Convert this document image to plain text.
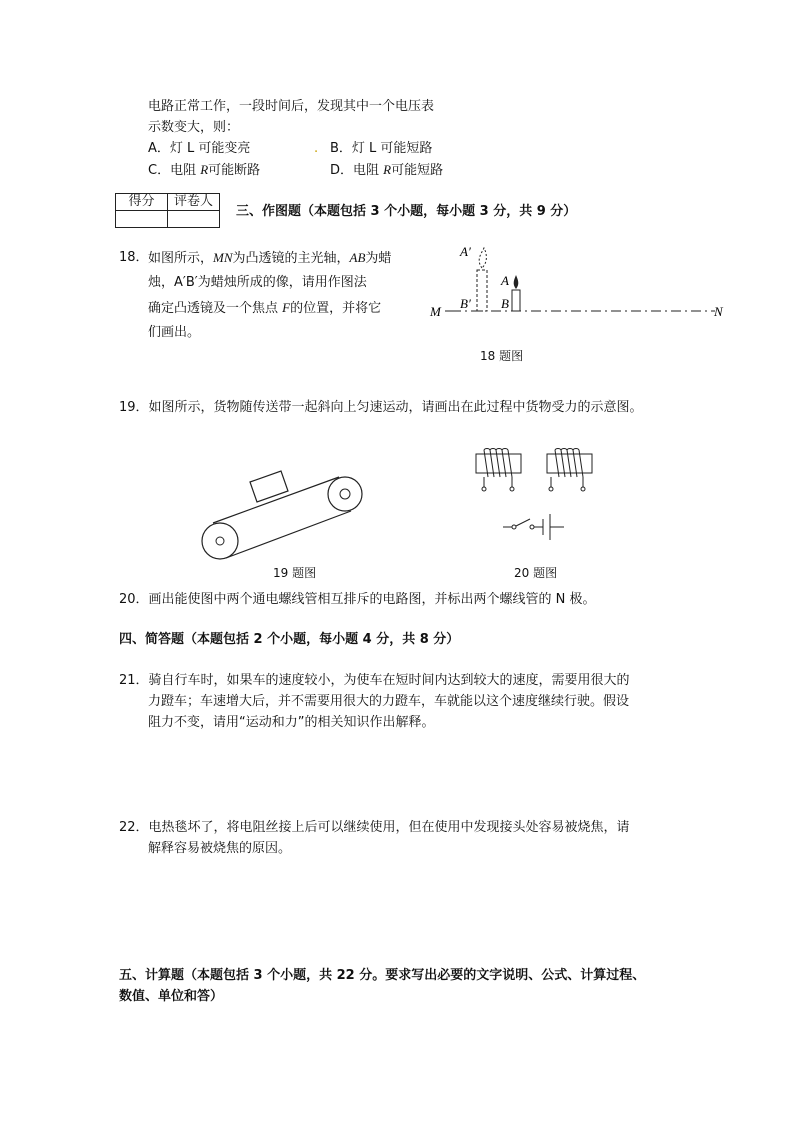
电路正常工作，一段时间后，发现其中一个电压表
示数变大，则：
A．灯 L 可能变亮	. B．灯 L 可能短路
C．电阻 R可能断路	D．电阻 R可能短路
得分	评卷人

三、作图题（本题包括 3 个小题，每小题 3 分，共 9 分）
18． 如图所示，MN为凸透镜的主光轴，AB为蜡
烛，A′B′为蜡烛所成的像，请用作图法
确定凸透镜及一个焦点 F的位置，并将它
们画出。
A′
A
B′ B
M	N
18 题图
19．如图所示，货物随传送带一起斜向上匀速运动，请画出在此过程中货物受力的示意图。
19 题图	20 题图
20．画出能使图中两个通电螺线管相互排斥的电路图，并标出两个螺线管的 N 极。
四、简答题（本题包括 2 个小题，每小题 4 分，共 8 分）
21．骑自行车时，如果车的速度较小，为使车在短时间内达到较大的速度，需要用很大的
力蹬车；车速增大后，并不需要用很大的力蹬车，车就能以这个速度继续行驶。假设
阻力不变，请用“运动和力”的相关知识作出解释。
22．电热毯坏了，将电阻丝接上后可以继续使用，但在使用中发现接头处容易被烧焦，请
解释容易被烧焦的原因。
五、计算题（本题包括 3 个小题，共 22 分。要求写出必要的文字说明、公式、计算过程、
数值、单位和答）
